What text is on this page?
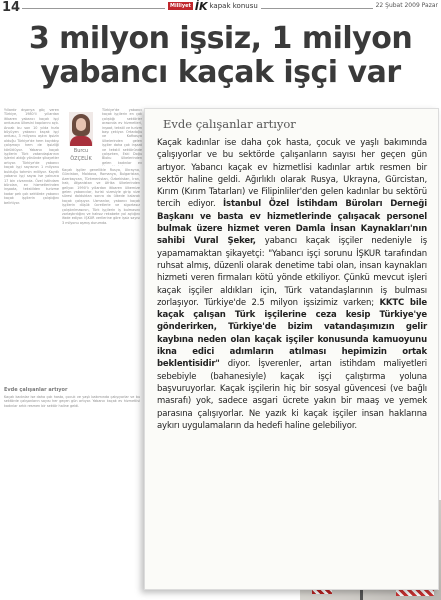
14	Milliyet İK kapak konusu	22 Şubat 2009 Pazar
3 milyon işsiz, 1 milyon
yabancı kaçak işçi var

Yıllardır dışarıya göç veren Türkiye, 1980'li yıllardan itibaren yabancı kaçak işçi ordusuna ülkesini kapılarını açtı. Ancak bu son 10 yılda hızla büyüyen yabancı kaçak işçi ordusu, 3 milyonu aşkın işsizin olduğu Türkiye'de hem kayıtdışı çalışmayı hem de işsizliği körüklüyor. Yabancı kaçak işçilerin Türk vatandaşlarının işlerini aldığı yönünde şikayetler artıyor. Türkiye'de yabancı kaçak işçi sayısının 1 milyonu bulduğu tahmin ediliyor. Kayıtlı yabancı işçi sayısı ise yalnızca 17 bin civarında. Özel istihdam büroları, ev hizmetlerinden inşaata, tekstilden turizme kadar pek çok sektörde yabancı kaçak işçilerin çalıştığını belirtiyor.

Burcu
ÖZÇELİK

Kaçak işçiler genellikle Rusya, Ukrayna, Gürcistan, Moldova, Romanya, Bulgaristan, Azerbaycan, Türkmenistan, Özbekistan, İran, Irak, Afganistan ve Afrika ülkelerinden geliyor. 1990'lı yıllardan itibaren ülkemize gelen yabancılar, turist vizesiyle girip vize süresi dolduktan sonra da ülkede kalarak kaçak çalışıyor. Uzmanlar, yabancı kaçak işçilerin düşük ücretlerle ve sigortasız çalıştırılmasının, Türk işçilerin iş bulmasını zorlaştırdığını ve haksız rekabete yol açtığını ifade ediyor. İŞKUR verilerine göre işsiz sayısı 3 milyonu aşmış durumda.

Türkiye'de yabancı kaçak işçilerin en çok çalıştığı sektörler arasında ev hizmetleri, inşaat, tekstil ve turizm başı çekiyor. Ortadoğu ve Kafkasya ülkelerinden gelen işçiler daha çok inşaat ve tekstil sektöründe çalışırken, Eski Doğu Bloku ülkelerinden gelen kadınlar ev

Evde çalışanlar artıyor

Kaçak kadınlar ise daha çok hasta, çocuk ve yaşlı bakımında çalışıyorlar ve bu sektörde çalışanların sayısı her geçen gün artıyor. Yabancı kaçak ev hizmetlisi kadınlar artık resmen bir sektör haline geldi.

Evde çalışanlar artıyor
Kaçak kadınlar ise daha çok hasta, çocuk ve yaşlı bakımında çalışıyorlar ve bu sektörde çalışanların sayısı her geçen gün artıyor. Yabancı kaçak ev hizmetlisi kadınlar artık resmen bir sektör haline geldi. Ağırlıklı olarak Rusya, Ukrayna, Gürcistan, Kırım (Kırım Tatarları) ve Filipinliler'den gelen kadınlar bu sektörü tercih ediyor. İstanbul Özel İstihdam Büroları Derneği Başkanı ve basta ev hizmetlerinde çalışacak personel bulmak üzere hizmet veren Damla İnsan Kaynakları'nın sahibi Vural Şeker, yabancı kaçak işçiler nedeniyle iş yapamamaktan şikayetçi: "Yabancı işçi sorunu İŞKUR tarafından ruhsat almış, düzenli olarak denetime tabi olan, insan kaynakları hizmeti veren firmaları kötü yönde etkiliyor. Çünkü mevcut işleri kaçak işçiler aldıkları için, Türk vatandaşlarının iş bulması zorlaşıyor. Türkiye'de 2.5 milyon işsizimiz varken; KKTC bile kaçak çalışan Türk işçilerine ceza kesip Türkiye'ye gönderirken, Türkiye'de bizim vatandaşımızın gelir kaybına neden olan kaçak işçiler konusunda kamuoyunu ikna edici adımların atılması hepimizin ortak beklentisidir" diyor. İşverenler, artan istihdam maliyetleri sebebiyle (bahanesiyle) kaçak işçi çalıştırma yoluna başvuruyorlar. Kaçak işçilerin hiç bir sosyal güvencesi (ve bağlı masrafı) yok, sadece asgari ücrete yakın bir maaş ve yemek parasına çalışıyorlar. Ne yazık ki kaçak işçiler insan haklarına aykırı uygulamaların da hedefi haline gelebiliyor.
